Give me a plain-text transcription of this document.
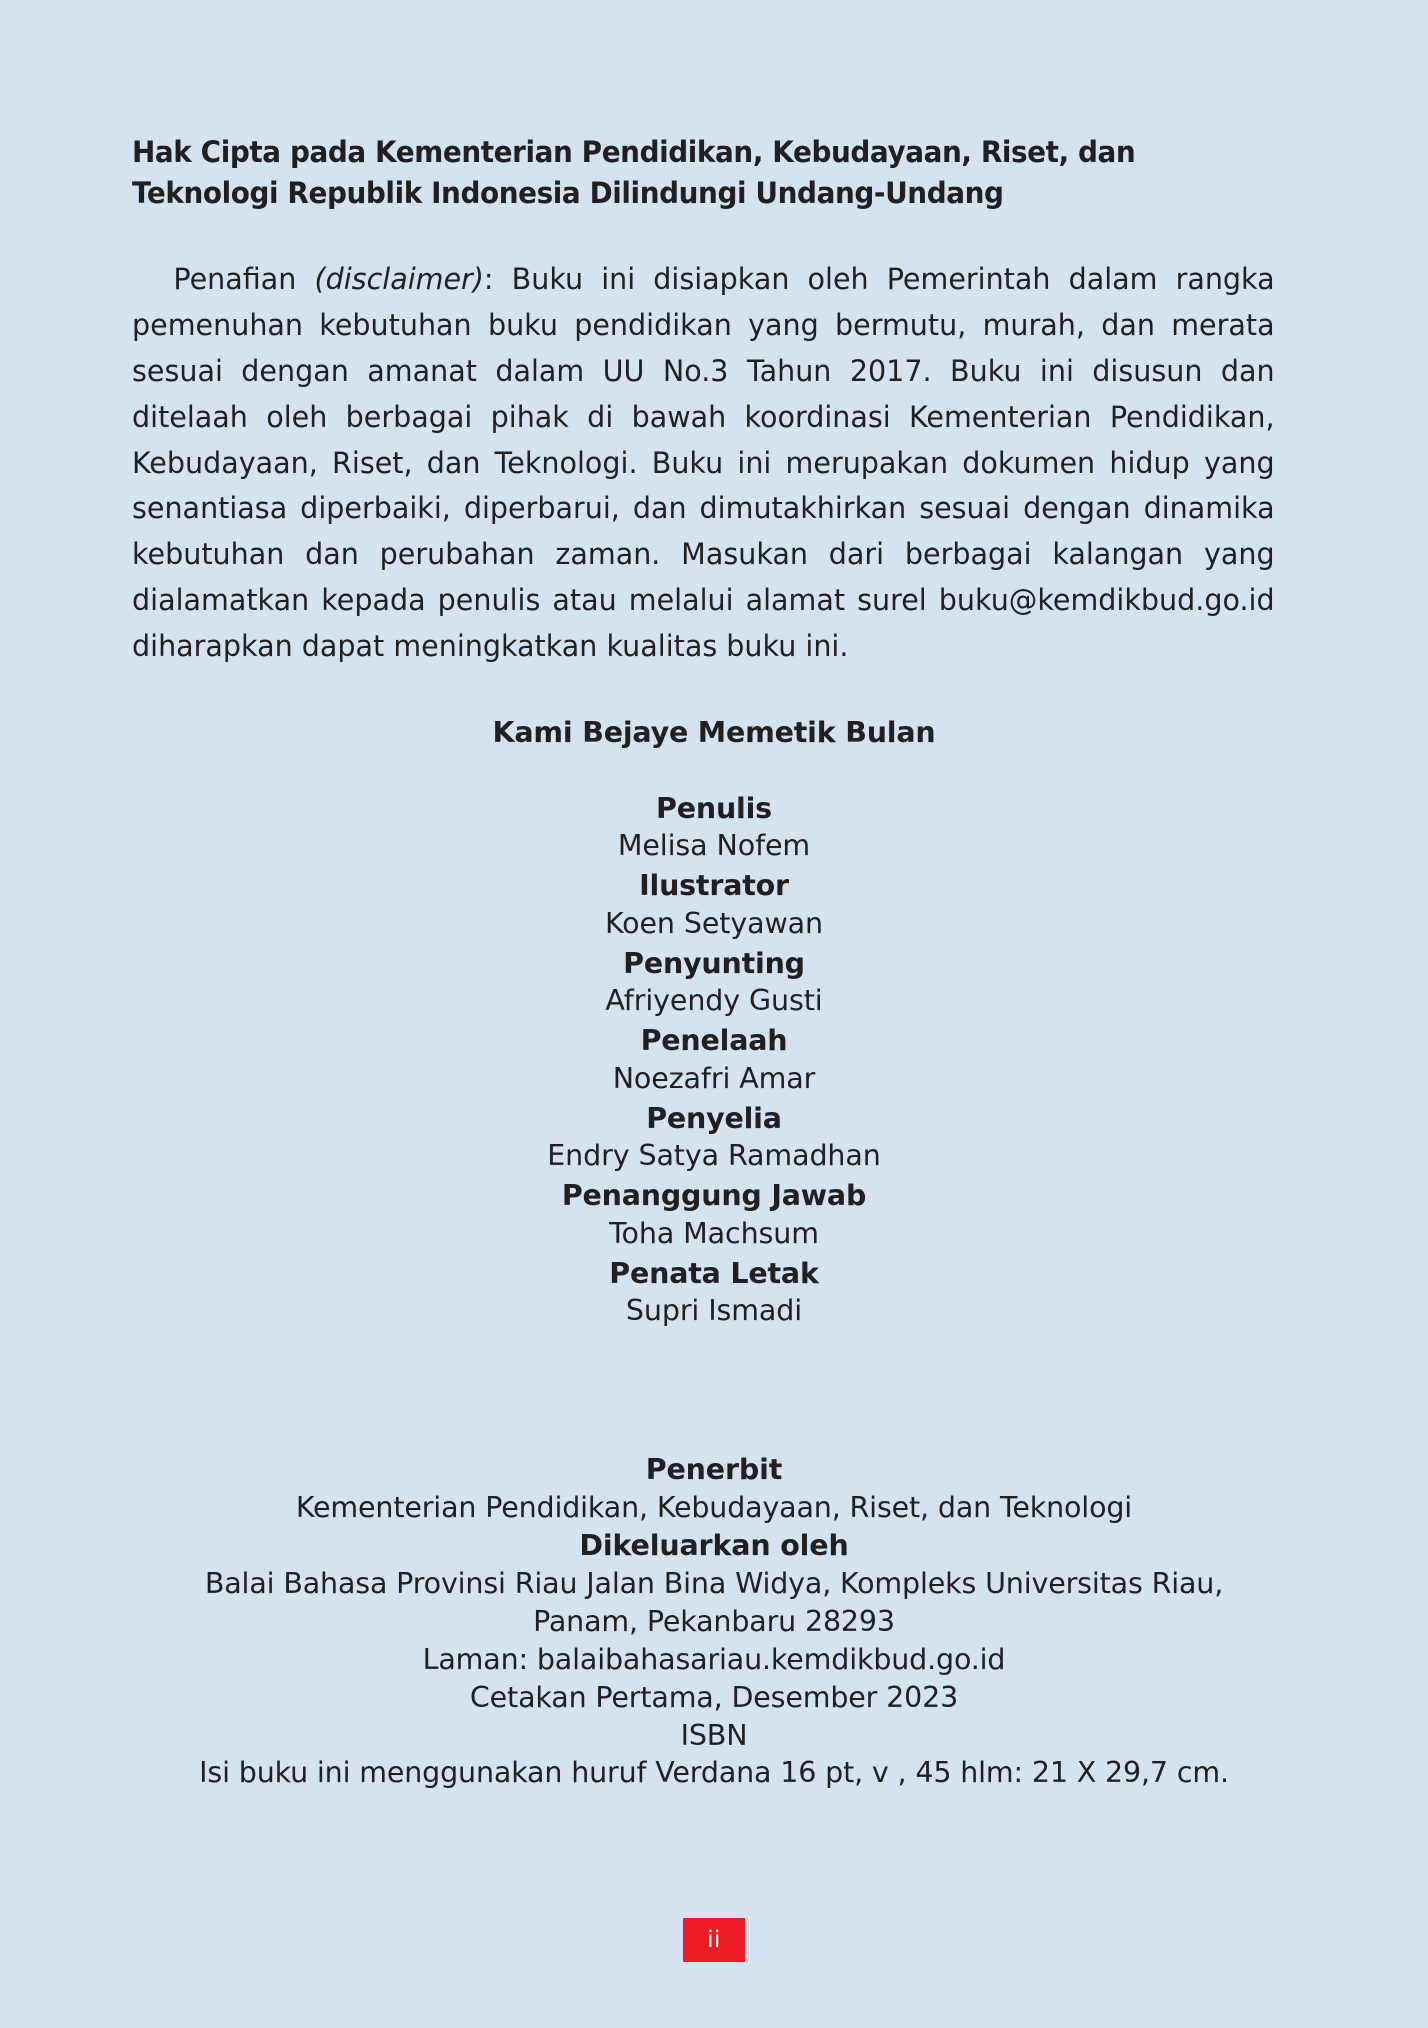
Hak Cipta pada Kementerian Pendidikan, Kebudayaan, Riset, dan Teknologi Republik Indonesia Dilindungi Undang-Undang

Penafian (disclaimer): Buku ini disiapkan oleh Pemerintah dalam rangka pemenuhan kebutuhan buku pendidikan yang bermutu, murah, dan merata sesuai dengan amanat dalam UU No.3 Tahun 2017. Buku ini disusun dan ditelaah oleh berbagai pihak di bawah koordinasi Kementerian Pendidikan, Kebudayaan, Riset, dan Teknologi. Buku ini merupakan dokumen hidup yang senantiasa diperbaiki, diperbarui, dan dimutakhirkan sesuai dengan dinamika kebutuhan dan perubahan zaman. Masukan dari berbagai kalangan yang dialamatkan kepada penulis atau melalui alamat surel buku@kemdikbud.go.id diharapkan dapat meningkatkan kualitas buku ini.

Kami Bejaye Memetik Bulan
Penulis
Melisa Nofem
Ilustrator
Koen Setyawan
Penyunting
Afriyendy Gusti
Penelaah
Noezafri Amar
Penyelia
Endry Satya Ramadhan
Penanggung Jawab
Toha Machsum
Penata Letak
Supri Ismadi
Penerbit
Kementerian Pendidikan, Kebudayaan, Riset, dan Teknologi
Dikeluarkan oleh
Balai Bahasa Provinsi Riau Jalan Bina Widya, Kompleks Universitas Riau,
Panam, Pekanbaru 28293
Laman: balaibahasariau.kemdikbud.go.id
Cetakan Pertama, Desember 2023
ISBN
Isi buku ini menggunakan huruf Verdana 16 pt, v , 45 hlm: 21 X 29,7 cm.
ii
